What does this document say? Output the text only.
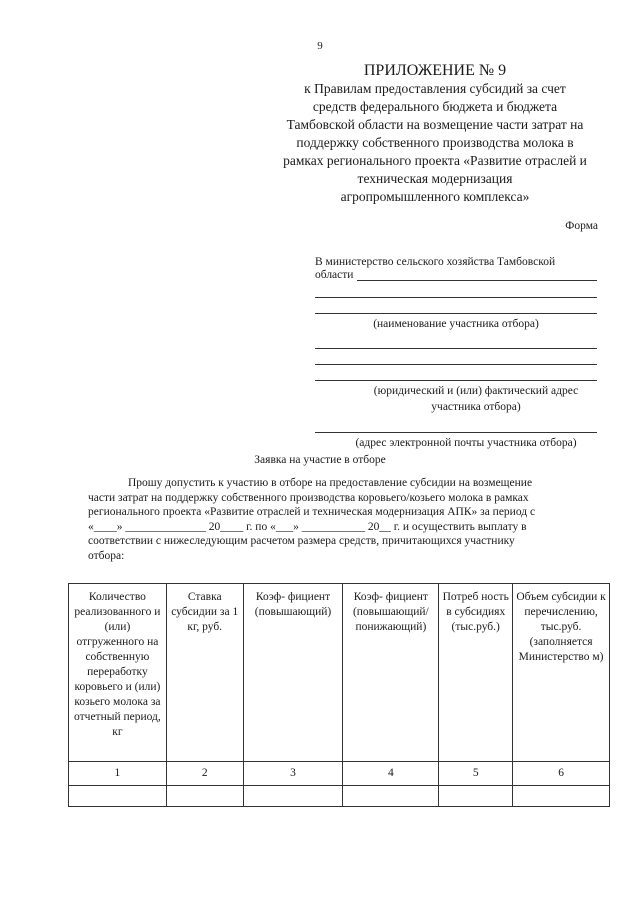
9
ПРИЛОЖЕНИЕ № 9
к Правилам предоставления субсидий за счет
средств федерального бюджета и бюджета
Тамбовской области на возмещение части затрат на
поддержку собственного производства молока в
рамках регионального проекта «Развитие отраслей и
техническая модернизация
агропромышленного комплекса»
Форма
В министерство сельского хозяйства Тамбовской
области
(наименование участника отбора)
(юридический и (или) фактический адрес
участника отбора)
(адрес электронной почты участника отбора)
Заявка на участие в отборе
Прошу допустить к участию в отборе на предоставление субсидии на возмещение
части затрат на поддержку собственного производства коровьего/козьего молока в рамках
регионального проекта «Развитие отраслей и техническая модернизация АПК» за период с
«____» ______________ 20____ г. по «___» ___________ 20__ г. и осуществить выплату в
соответствии с нижеследующим расчетом размера средств, причитающихся участнику
отбора:
Количество реализованного и (или) отгруженного на собственную переработку коровьего и (или) козьего молока за отчетный период, кг	Ставка субсидии за 1 кг, руб.	Коэф- фициент (повышающий)	Коэф- фициент (повышающий/ понижающий)	Потреб ность в субсидиях (тыс.руб.)	Объем субсидии к перечислению, тыс.руб. (заполняется Министерство м)
1	2	3	4	5	6
